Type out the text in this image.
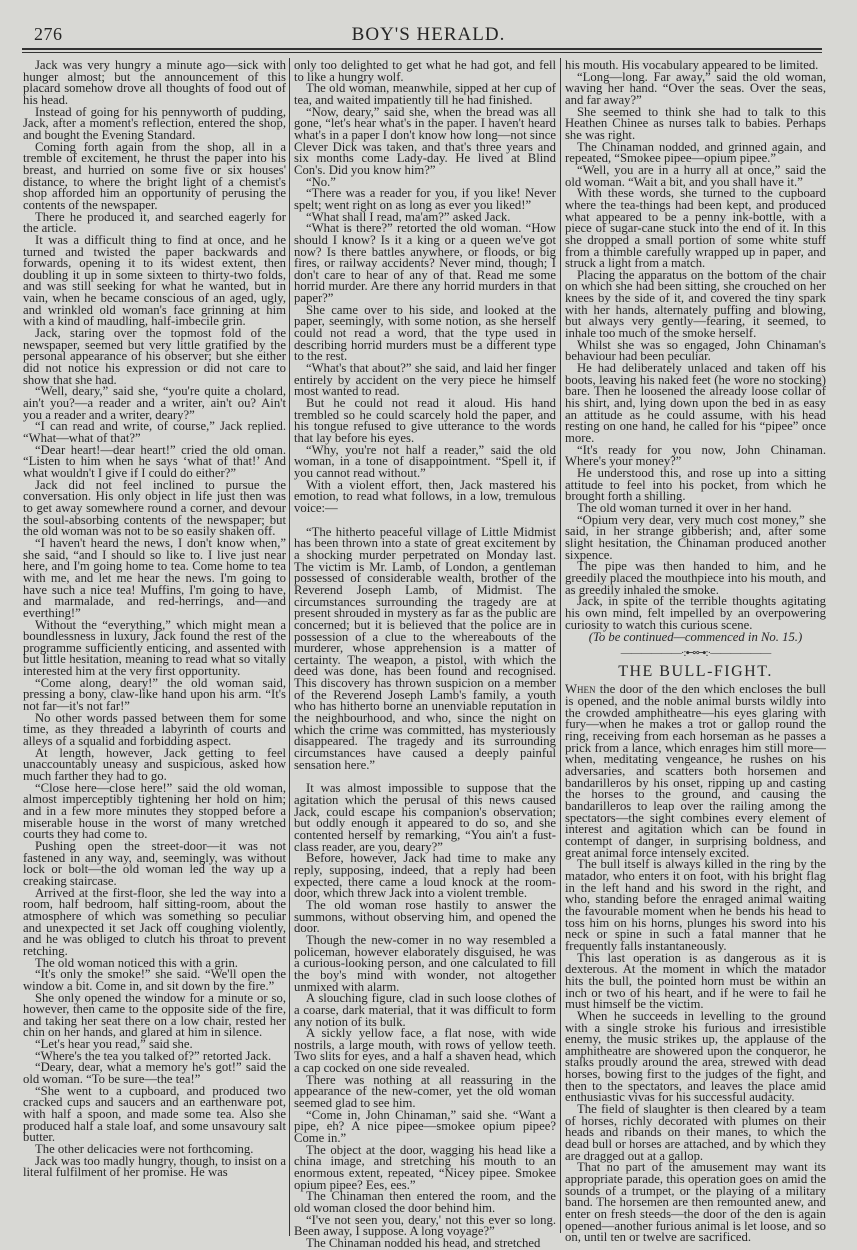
276	BOY'S HERALD.

Jack was very hungry a minute ago—sick with hunger almost; but the announcement of this placard somehow drove all thoughts of food out of his head.

Instead of going for his pennyworth of pudding, Jack, after a moment's reflection, entered the shop, and bought the Evening Standard.

Coming forth again from the shop, all in a tremble of excitement, he thrust the paper into his breast, and hurried on some five or six houses' distance, to where the bright light of a chemist's shop afforded him an opportunity of perusing the contents of the newspaper.

There he produced it, and searched eagerly for the article.

It was a difficult thing to find at once, and he turned and twisted the paper backwards and forwards, opening it to its widest extent, then doubling it up in some sixteen to thirty-two folds, and was still seeking for what he wanted, but in vain, when he became conscious of an aged, ugly, and wrinkled old woman's face grinning at him with a kind of maudling, half-imbecile grin.

Jack, staring over the topmost fold of the newspaper, seemed but very little gratified by the personal appearance of his observer; but she either did not notice his expression or did not care to show that she had.

“Well, deary,” said she, “you're quite a cholard, ain't you?—a reader and a writer, ain't ou? Ain't you a reader and a writer, deary?”

“I can read and write, of course,” Jack replied. “What—what of that?”

“Dear heart!—dear heart!” cried the old oman. “Listen to him when he says ‘what of that!’ And what wouldn't I give if I could do either?”

Jack did not feel inclined to pursue the conversation. His only object in life just then was to get away somewhere round a corner, and devour the soul-absorbing contents of the newspaper; but the old woman was not to be so easily shaken off.

“I haven't heard the news, I don't know when,” she said, “and I should so like to. I live just near here, and I'm going home to tea. Come home to tea with me, and let me hear the news. I'm going to have such a nice tea! Muffins, I'm going to have, and marmalade, and red-herrings, and—and everthing!”

Without the “everything,” which might mean a boundlessness in luxury, Jack found the rest of the programme sufficiently enticing, and assented with but little hesitation, meaning to read what so vitally interested him at the very first opportunity.

“Come along, deary!” the old woman said, pressing a bony, claw-like hand upon his arm. “It's not far—it's not far!”

No other words passed between them for some time, as they threaded a labyrinth of courts and alleys of a squalid and forbidding aspect.

At length, however, Jack getting to feel unaccountably uneasy and suspicious, asked how much farther they had to go.

“Close here—close here!” said the old woman, almost imperceptibly tightening her hold on him; and in a few more minutes they stopped before a miserable house in the worst of many wretched courts they had come to.

Pushing open the street-door—it was not fastened in any way, and, seemingly, was without lock or bolt—the old woman led the way up a creaking staircase.

Arrived at the first-floor, she led the way into a room, half bedroom, half sitting-room, about the atmosphere of which was something so peculiar and unexpected it set Jack off coughing violently, and he was obliged to clutch his throat to prevent retching.

The old woman noticed this with a grin.

“It's only the smoke!” she said. “We'll open the window a bit. Come in, and sit down by the fire.”

She only opened the window for a minute or so, however, then came to the opposite side of the fire, and taking her seat there on a low chair, rested her chin on her hands, and glared at him in silence.

“Let's hear you read,” said she.

“Where's the tea you talked of?” retorted Jack.

“Deary, dear, what a memory he's got!” said the old woman. “To be sure—the tea!”

“She went to a cupboard, and produced two cracked cups and saucers and an earthenware pot, with half a spoon, and made some tea. Also she produced half a stale loaf, and some unsavoury salt butter.

The other delicacies were not forthcoming.

Jack was too madly hungry, though, to insist on a literal fulfilment of her promise. He was

only too delighted to get what he had got, and fell to like a hungry wolf.

The old woman, meanwhile, sipped at her cup of tea, and waited impatiently till he had finished.

“Now, deary,” said she, when the bread was all gone, “let's hear what's in the paper. I haven't heard what's in a paper I don't know how long—not since Clever Dick was taken, and that's three years and six months come Lady-day. He lived at Blind Con's. Did you know him?”

“No.”

“There was a reader for you, if you like! Never spelt; went right on as long as ever you liked!”

“What shall I read, ma'am?” asked Jack.

“What is there?” retorted the old woman. “How should I know? Is it a king or a queen we've got now? Is there battles anywhere, or floods, or big fires, or railway accidents? Never mind, though; I don't care to hear of any of that. Read me some horrid murder. Are there any horrid murders in that paper?”

She came over to his side, and looked at the paper, seemingly, with some notion, as she herself could not read a word, that the type used in describing horrid murders must be a different type to the rest.

“What's that about?” she said, and laid her finger entirely by accident on the very piece he himself most wanted to read.

But he could not read it aloud. His hand trembled so he could scarcely hold the paper, and his tongue refused to give utterance to the words that lay before his eyes.

“Why, you're not half a reader,” said the old woman, in a tone of disappointment. “Spell it, if you cannot read without.”

With a violent effort, then, Jack mastered his emotion, to read what follows, in a low, tremulous voice:—

“The hitherto peaceful village of Little Midmist has been thrown into a state of great excitement by a shocking murder perpetrated on Monday last. The victim is Mr. Lamb, of London, a gentleman possessed of considerable wealth, brother of the Reverend Joseph Lamb, of Midmist. The circumstances surrounding the tragedy are at present shrouded in mystery as far as the public are concerned; but it is believed that the police are in possession of a clue to the whereabouts of the murderer, whose apprehension is a matter of certainty. The weapon, a pistol, with which the deed was done, has been found and recognised. This discovery has thrown suspicion on a member of the Reverend Joseph Lamb's family, a youth who has hitherto borne an unenviable reputation in the neighbourhood, and who, since the night on which the crime was committed, has mysteriously disappeared. The tragedy and its surrounding circumstances have caused a deeply painful sensation here.”

It was almost impossible to suppose that the agitation which the perusal of this news caused Jack, could escape his companion's observation; but oddly enough it appeared to do so, and she contented herself by remarking, “You ain't a fust-class reader, are you, deary?”

Before, however, Jack had time to make any reply, supposing, indeed, that a reply had been expected, there came a loud knock at the room-door, which threw Jack into a violent tremble.

The old woman rose hastily to answer the summons, without observing him, and opened the door.

Though the new-comer in no way resembled a policeman, however elaborately disguised, he was a curious-looking person, and one calculated to fill the boy's mind with wonder, not altogether unmixed with alarm.

A slouching figure, clad in such loose clothes of a coarse, dark material, that it was difficult to form any notion of its bulk.

A sickly yellow face, a flat nose, with wide nostrils, a large mouth, with rows of yellow teeth. Two slits for eyes, and a half a shaven head, which a cap cocked on one side revealed.

There was nothing at all reassuring in the appearance of the new-comer, yet the old woman seemed glad to see him.

“Come in, John Chinaman,” said she. “Want a pipe, eh? A nice pipee—smokee opium pipee? Come in.”

The object at the door, wagging his head like a china image, and stretching his mouth to an enormous extent, repeated, “Nicey pipee. Smokee opium pipee? Ees, ees.”

The Chinaman then entered the room, and the old woman closed the door behind him.

“I've not seen you, deary,' not this ever so long. Been away, I suppose. A long voyage?”

The Chinaman nodded his head, and stretched

his mouth. His vocabulary appeared to be limited.

“Long—long. Far away,” said the old woman, waving her hand. “Over the seas. Over the seas, and far away?”

She seemed to think she had to talk to this Heathen Chinee as nurses talk to babies. Perhaps she was right.

The Chinaman nodded, and grinned again, and repeated, “Smokee pipee—opium pipee.”

“Well, you are in a hurry all at once,” said the old woman. “Wait a bit, and you shall have it.”

With these words, she turned to the cupboard where the tea-things had been kept, and produced what appeared to be a penny ink-bottle, with a piece of sugar-cane stuck into the end of it. In this she dropped a small portion of some white stuff from a thimble carefully wrapped up in paper, and struck a light from a match.

Placing the apparatus on the bottom of the chair on which she had been sitting, she crouched on her knees by the side of it, and covered the tiny spark with her hands, alternately puffing and blowing, but always very gently—fearing, it seemed, to inhale too much of the smoke herself.

Whilst she was so engaged, John Chinaman's behaviour had been peculiar.

He had deliberately unlaced and taken off his boots, leaving his naked feet (he wore no stocking) bare. Then he loosened the already loose collar of his shirt, and, lying down upon the bed in as easy an attitude as he could assume, with his head resting on one hand, he called for his “pipee” once more.

“It's ready for you now, John Chinaman. Where's your money?”

He understood this, and rose up into a sitting attitude to feel into his pocket, from which he brought forth a shilling.

The old woman turned it over in her hand.

“Opium very dear, very much cost money,” she said, in her strange gibberish; and, after some slight hesitation, the Chinaman produced another sixpence.

The pipe was then handed to him, and he greedily placed the mouthpiece into his mouth, and as greedily inhaled the smoke.

Jack, in spite of the terrible thoughts agitating his own mind, felt impelled by an overpowering curiosity to watch this curious scene.

(To be continued—commenced in No. 15.)

——————·:⊷⊶:·——————
THE BULL-FIGHT.

When the door of the den which encloses the bull is opened, and the noble animal bursts wildly into the crowded amphitheatre—his eyes glaring with fury—when he makes a trot or gallop round the ring, receiving from each horseman as he passes a prick from a lance, which enrages him still more—when, meditating vengeance, he rushes on his adversaries, and scatters both horsemen and bandarilleros by his onset, ripping up and casting the horses to the ground, and causing the bandarilleros to leap over the railing among the spectators—the sight combines every element of interest and agitation which can be found in contempt of danger, in surprising boldness, and great animal force intensely excited.

The bull itself is always killed in the ring by the matador, who enters it on foot, with his bright flag in the left hand and his sword in the right, and who, standing before the enraged animal waiting the favourable moment when he bends his head to toss him on his horns, plunges his sword into his neck or spine in such a fatal manner that he frequently falls instantaneously.

This last operation is as dangerous as it is dexterous. At the moment in which the matador hits the bull, the pointed horn must be within an inch or two of his heart, and if he were to fail he must himself be the victim.

When he succeeds in levelling to the ground with a single stroke his furious and irresistible enemy, the music strikes up, the applause of the amphitheatre are showered upon the conqueror, he stalks proudly around the area, strewed with dead horses, bowing first to the judges of the fight, and then to the spectators, and leaves the place amid enthusiastic vivas for his successful audacity.

The field of slaughter is then cleared by a team of horses, richly decorated with plumes on their heads and ribands on their manes, to which the dead bull or horses are attached, and by which they are dragged out at a gallop.

That no part of the amusement may want its appropriate parade, this operation goes on amid the sounds of a trumpet, or the playing of a military band. The horsemen are then remounted anew, and enter on fresh steeds—the door of the den is again opened—another furious animal is let loose, and so on, until ten or twelve are sacrificed.
